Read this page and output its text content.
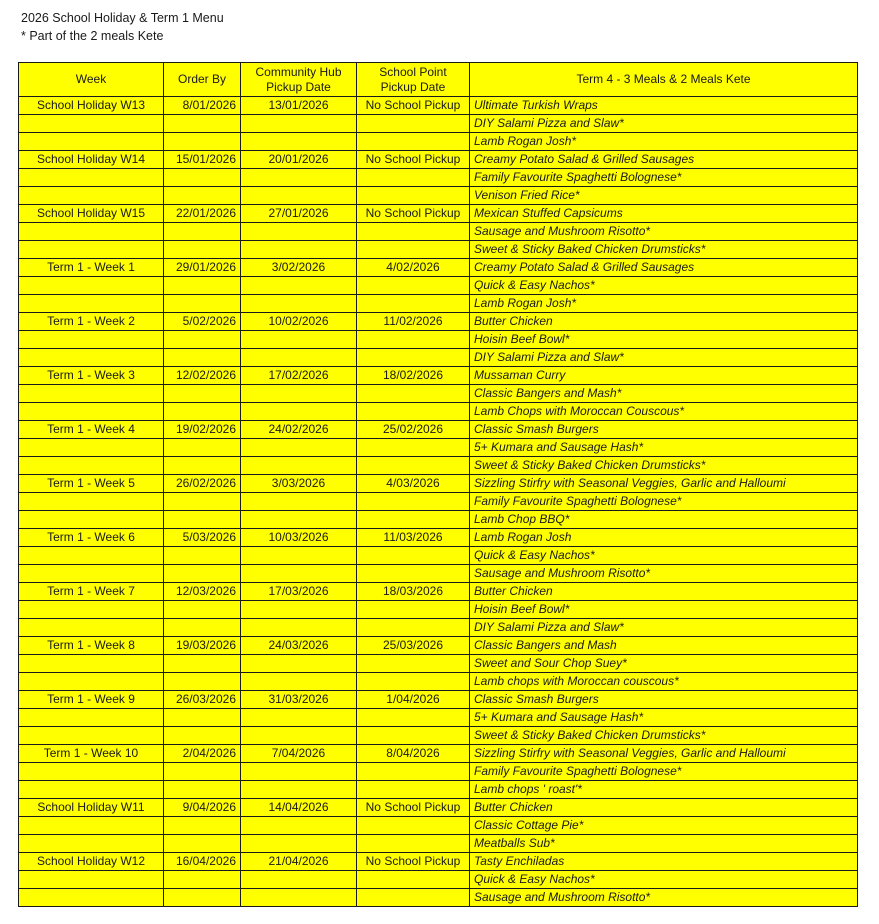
2026 School Holiday & Term 1 Menu
* Part of the 2 meals Kete
Week	Order By	Community Hub Pickup Date	School Point Pickup Date	Term 4 - 3 Meals & 2 Meals Kete
School Holiday W13	8/01/2026	13/01/2026	No School Pickup	Ultimate Turkish Wraps
				DIY Salami Pizza and Slaw*
				Lamb Rogan Josh*
School Holiday W14	15/01/2026	20/01/2026	No School Pickup	Creamy Potato Salad & Grilled Sausages
				Family Favourite Spaghetti Bolognese*
				Venison Fried Rice*
School Holiday W15	22/01/2026	27/01/2026	No School Pickup	Mexican Stuffed Capsicums
				Sausage and Mushroom Risotto*
				Sweet & Sticky Baked Chicken Drumsticks*
Term 1 - Week 1	29/01/2026	3/02/2026	4/02/2026	Creamy Potato Salad & Grilled Sausages
				Quick & Easy Nachos*
				Lamb Rogan Josh*
Term 1 - Week 2	5/02/2026	10/02/2026	11/02/2026	Butter Chicken
				Hoisin Beef Bowl*
				DIY Salami Pizza and Slaw*
Term 1 - Week 3	12/02/2026	17/02/2026	18/02/2026	Mussaman Curry
				Classic Bangers and Mash*
				Lamb Chops with Moroccan Couscous*
Term 1 - Week 4	19/02/2026	24/02/2026	25/02/2026	Classic Smash Burgers
				5+ Kumara and Sausage Hash*
				Sweet & Sticky Baked Chicken Drumsticks*
Term 1 - Week 5	26/02/2026	3/03/2026	4/03/2026	Sizzling Stirfry with Seasonal Veggies, Garlic and Halloumi
				Family Favourite Spaghetti Bolognese*
				Lamb Chop BBQ*
Term 1 - Week 6	5/03/2026	10/03/2026	11/03/2026	Lamb Rogan Josh
				Quick & Easy Nachos*
				Sausage and Mushroom Risotto*
Term 1 - Week 7	12/03/2026	17/03/2026	18/03/2026	Butter Chicken
				Hoisin Beef Bowl*
				DIY Salami Pizza and Slaw*
Term 1 - Week 8	19/03/2026	24/03/2026	25/03/2026	Classic Bangers and Mash
				Sweet and Sour Chop Suey*
				Lamb chops with Moroccan couscous*
Term 1 - Week 9	26/03/2026	31/03/2026	1/04/2026	Classic Smash Burgers
				5+ Kumara and Sausage Hash*
				Sweet & Sticky Baked Chicken Drumsticks*
Term 1 - Week 10	2/04/2026	7/04/2026	8/04/2026	Sizzling Stirfry with Seasonal Veggies, Garlic and Halloumi
				Family Favourite Spaghetti Bolognese*
				Lamb chops ' roast'*
School Holiday W11	9/04/2026	14/04/2026	No School Pickup	Butter Chicken
				Classic Cottage Pie*
				Meatballs Sub*
School Holiday W12	16/04/2026	21/04/2026	No School Pickup	Tasty Enchiladas
				Quick & Easy Nachos*
				Sausage and Mushroom Risotto*
